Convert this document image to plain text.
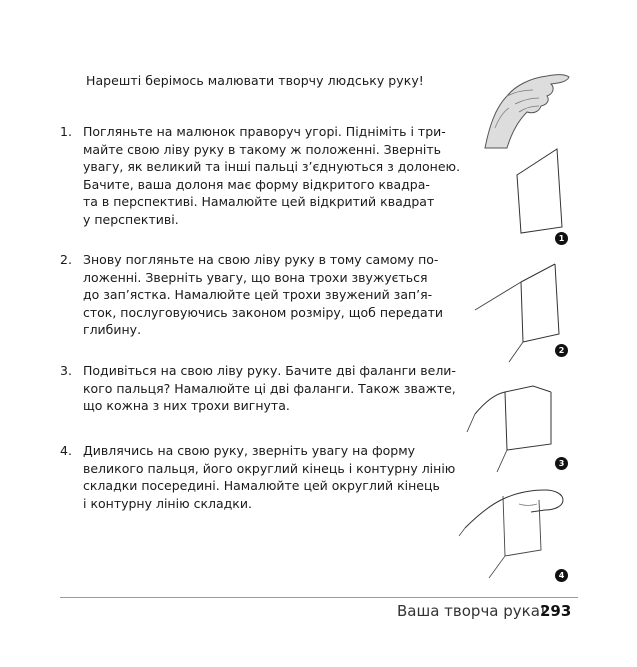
Нарешті берімось малювати творчу людську руку!
1. Погляньте на малюнок праворуч угорі. Підніміть і три-
майте свою ліву руку в такому ж положенні. Зверніть
увагу, як великий та інші пальці з’єднуються з долонею.
Бачите, ваша долоня має форму відкритого квадра-
та в перспективі. Намалюйте цей відкритий квадрат
у перспективі.
2. Знову погляньте на свою ліву руку в тому самому по-
ложенні. Зверніть увагу, що вона трохи звужується
до зап’ястка. Намалюйте цей трохи звужений зап’я-
сток, послуговуючись законом розміру, щоб передати
глибину.
3. Подивіться на свою ліву руку. Бачите дві фаланги вели-
кого пальця? Намалюйте ці дві фаланги. Також зважте,
що кожна з них трохи вигнута.
4. Дивлячись на свою руку, зверніть увагу на форму
великого пальця, його округлий кінець і контурну лінію
складки посередині. Намалюйте цей округлий кінець
і контурну лінію складки.
1
2
3
4
Ваша творча рука!
293
